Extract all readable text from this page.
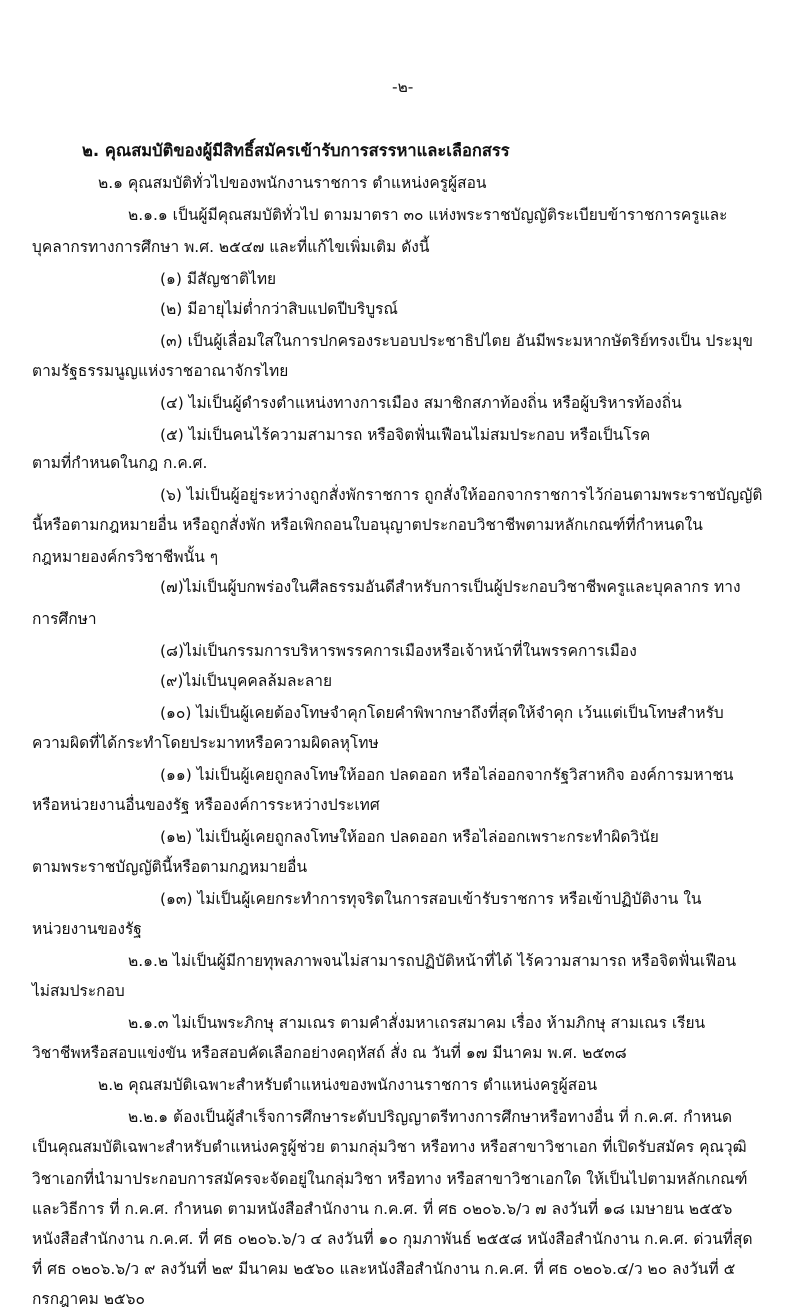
-๒-
๒. คุณสมบัติของผู้มีสิทธิ์สมัครเข้ารับการสรรหาและเลือกสรร
๒.๑ คุณสมบัติทั่วไปของพนักงานราชการ ตำแหน่งครูผู้สอน
๒.๑.๑ เป็นผู้มีคุณสมบัติทั่วไป ตามมาตรา ๓๐ แห่งพระราชบัญญัติระเบียบข้าราชการครูและ
บุคลากรทางการศึกษา พ.ศ. ๒๕๔๗ และที่แก้ไขเพิ่มเติม ดังนี้
(๑) มีสัญชาติไทย
(๒) มีอายุไม่ต่ำกว่าสิบแปดปีบริบูรณ์
(๓) เป็นผู้เลื่อมใสในการปกครองระบอบประชาธิปไตย อันมีพระมหากษัตริย์ทรงเป็น ประมุข
ตามรัฐธรรมนูญแห่งราชอาณาจักรไทย
(๔) ไม่เป็นผู้ดำรงตำแหน่งทางการเมือง สมาชิกสภาท้องถิ่น หรือผู้บริหารท้องถิ่น
(๕) ไม่เป็นคนไร้ความสามารถ หรือจิตฟั่นเฟือนไม่สมประกอบ หรือเป็นโรค
ตามที่กำหนดในกฎ ก.ค.ศ.
(๖) ไม่เป็นผู้อยู่ระหว่างถูกสั่งพักราชการ ถูกสั่งให้ออกจากราชการไว้ก่อนตามพระราชบัญญัติ
นี้หรือตามกฎหมายอื่น หรือถูกสั่งพัก หรือเพิกถอนใบอนุญาตประกอบวิชาชีพตามหลักเกณฑ์ที่กำหนดใน
กฎหมายองค์กรวิชาชีพนั้น ๆ
(๗)ไม่เป็นผู้บกพร่องในศีลธรรมอันดีสำหรับการเป็นผู้ประกอบวิชาชีพครูและบุคลากร ทาง
การศึกษา
(๘)ไม่เป็นกรรมการบริหารพรรคการเมืองหรือเจ้าหน้าที่ในพรรคการเมือง
(๙)ไม่เป็นบุคคลล้มละลาย
(๑๐) ไม่เป็นผู้เคยต้องโทษจำคุกโดยคำพิพากษาถึงที่สุดให้จำคุก เว้นแต่เป็นโทษสำหรับ
ความผิดที่ได้กระทำโดยประมาทหรือความผิดลหุโทษ
(๑๑) ไม่เป็นผู้เคยถูกลงโทษให้ออก ปลดออก หรือไล่ออกจากรัฐวิสาหกิจ องค์การมหาชน
หรือหน่วยงานอื่นของรัฐ หรือองค์การระหว่างประเทศ
(๑๒) ไม่เป็นผู้เคยถูกลงโทษให้ออก ปลดออก หรือไล่ออกเพราะกระทำผิดวินัย
ตามพระราชบัญญัตินี้หรือตามกฎหมายอื่น
(๑๓) ไม่เป็นผู้เคยกระทำการทุจริตในการสอบเข้ารับราชการ หรือเข้าปฏิบัติงาน ใน
หน่วยงานของรัฐ
๒.๑.๒ ไม่เป็นผู้มีกายทุพลภาพจนไม่สามารถปฏิบัติหน้าที่ได้ ไร้ความสามารถ หรือจิตฟั่นเฟือน
ไม่สมประกอบ
๒.๑.๓ ไม่เป็นพระภิกษุ สามเณร ตามคำสั่งมหาเถรสมาคม เรื่อง ห้ามภิกษุ สามเณร เรียน
วิชาชีพหรือสอบแข่งขัน หรือสอบคัดเลือกอย่างคฤหัสถ์ สั่ง ณ วันที่ ๑๗ มีนาคม พ.ศ. ๒๕๓๘
๒.๒ คุณสมบัติเฉพาะสำหรับตำแหน่งของพนักงานราชการ ตำแหน่งครูผู้สอน
๒.๒.๑ ต้องเป็นผู้สำเร็จการศึกษาระดับปริญญาตรีทางการศึกษาหรือทางอื่น ที่ ก.ค.ศ. กำหนด
เป็นคุณสมบัติเฉพาะสำหรับตำแหน่งครูผู้ช่วย ตามกลุ่มวิชา หรือทาง หรือสาขาวิชาเอก ที่เปิดรับสมัคร คุณวุฒิ
วิชาเอกที่นำมาประกอบการสมัครจะจัดอยู่ในกลุ่มวิชา หรือทาง หรือสาขาวิชาเอกใด ให้เป็นไปตามหลักเกณฑ์
และวิธีการ ที่ ก.ค.ศ. กำหนด ตามหนังสือสำนักงาน ก.ค.ศ. ที่ ศธ ๐๒๐๖.๖/ว ๗ ลงวันที่ ๑๘ เมษายน ๒๕๕๖
หนังสือสำนักงาน ก.ค.ศ. ที่ ศธ ๐๒๐๖.๖/ว ๔ ลงวันที่ ๑๐ กุมภาพันธ์ ๒๕๕๘ หนังสือสำนักงาน ก.ค.ศ. ด่วนที่สุด
ที่ ศธ ๐๒๐๖.๖/ว ๙ ลงวันที่ ๒๙ มีนาคม ๒๕๖๐ และหนังสือสำนักงาน ก.ค.ศ. ที่ ศธ ๐๒๐๖.๔/ว ๒๐ ลงวันที่ ๕
กรกฎาคม ๒๕๖๐
